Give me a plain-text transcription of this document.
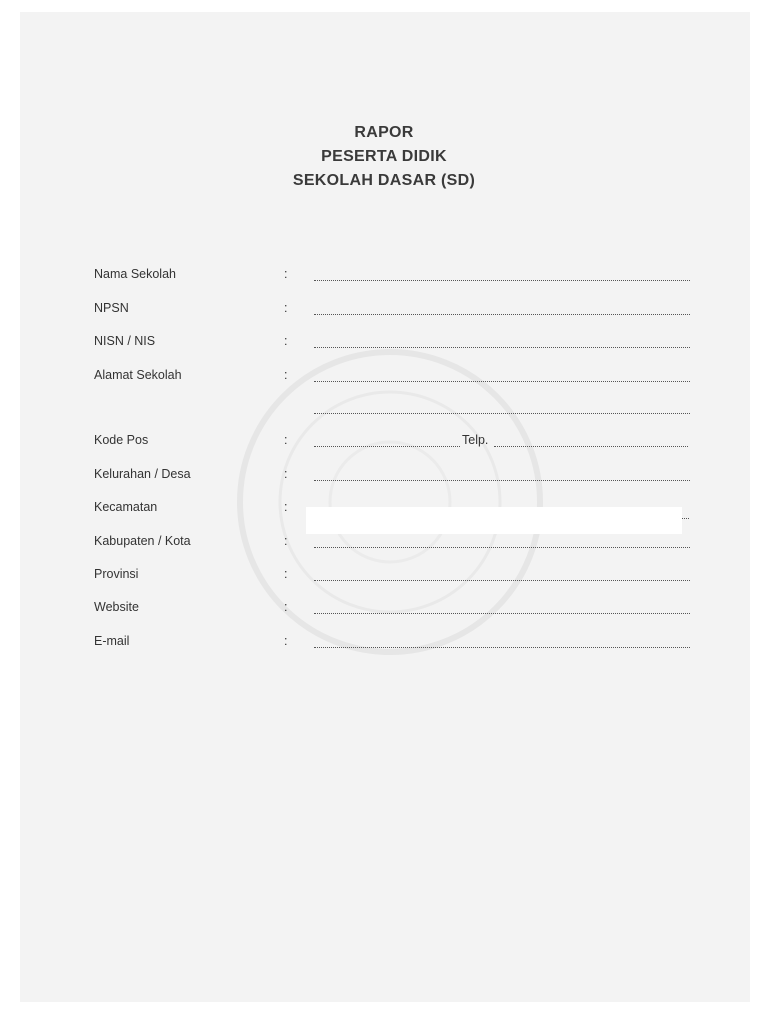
RAPOR
PESERTA DIDIK
SEKOLAH DASAR (SD)
Nama Sekolah	:
NPSN	:
NISN / NIS	:
Alamat Sekolah	:
Kode Pos	:	Telp.
Kelurahan / Desa	:
Kecamatan	:
Kabupaten / Kota	:
Provinsi	:
Website	:
E-mail	:
